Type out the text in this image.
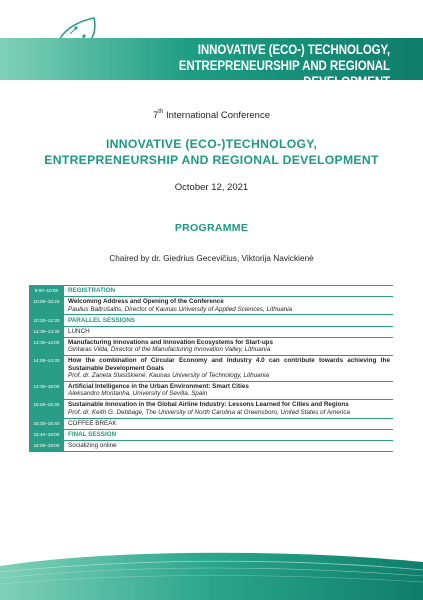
INNOVATIVE (ECO-) TECHNOLOGY,
ENTREPRENEURSHIP AND REGIONAL DEVELOPMENT
7th International Conference
INNOVATIVE (ECO-)TECHNOLOGY,
ENTREPRENEURSHIP AND REGIONAL DEVELOPMENT
October 12, 2021
PROGRAMME
Chaired by dr. Giedrius Gecevičius, Viktorija Navickienė
9:00–10:00	REGISTRATION
10:00–10:20	Welcoming Address and Opening of the Conference
Paulius Baltrušaitis, Director of Kaunas University of Applied Sciences, Lithuania
10:20–12:30	PARALLEL SESSIONS
12:30–13:30	LUNCH
13:30–14:00	Manufacturing Innovations and Innovation Ecosystems for Start-ups
Gintaras Vilda, Director of the Manufacturing Innovation Valley, Lithuania
14:00–14:30	How the combination of Circular Economy and Industry 4.0 can contribute towards achieving the Sustainable Development Goals
Prof. dr. Zaneta Stasiškienė, Kaunas University of Technology, Lithuania
14:30–15:00	Artificial Intelligence in the Urban Environment: Smart Cities
Aleksandro Montanha, University of Sevilla, Spain
15:00–15:30	Sustainable Innovation in the Global Airline Industry: Lessons Learned for Cities and Regions
Prof. dr. Keith G. Debbage, The University of North Carolina at Greensboro, United States of America
15:30–15:40	COFFEE BREAK
15:40–16:00	FINAL SESSION
18:00–19:00	Socializing online
